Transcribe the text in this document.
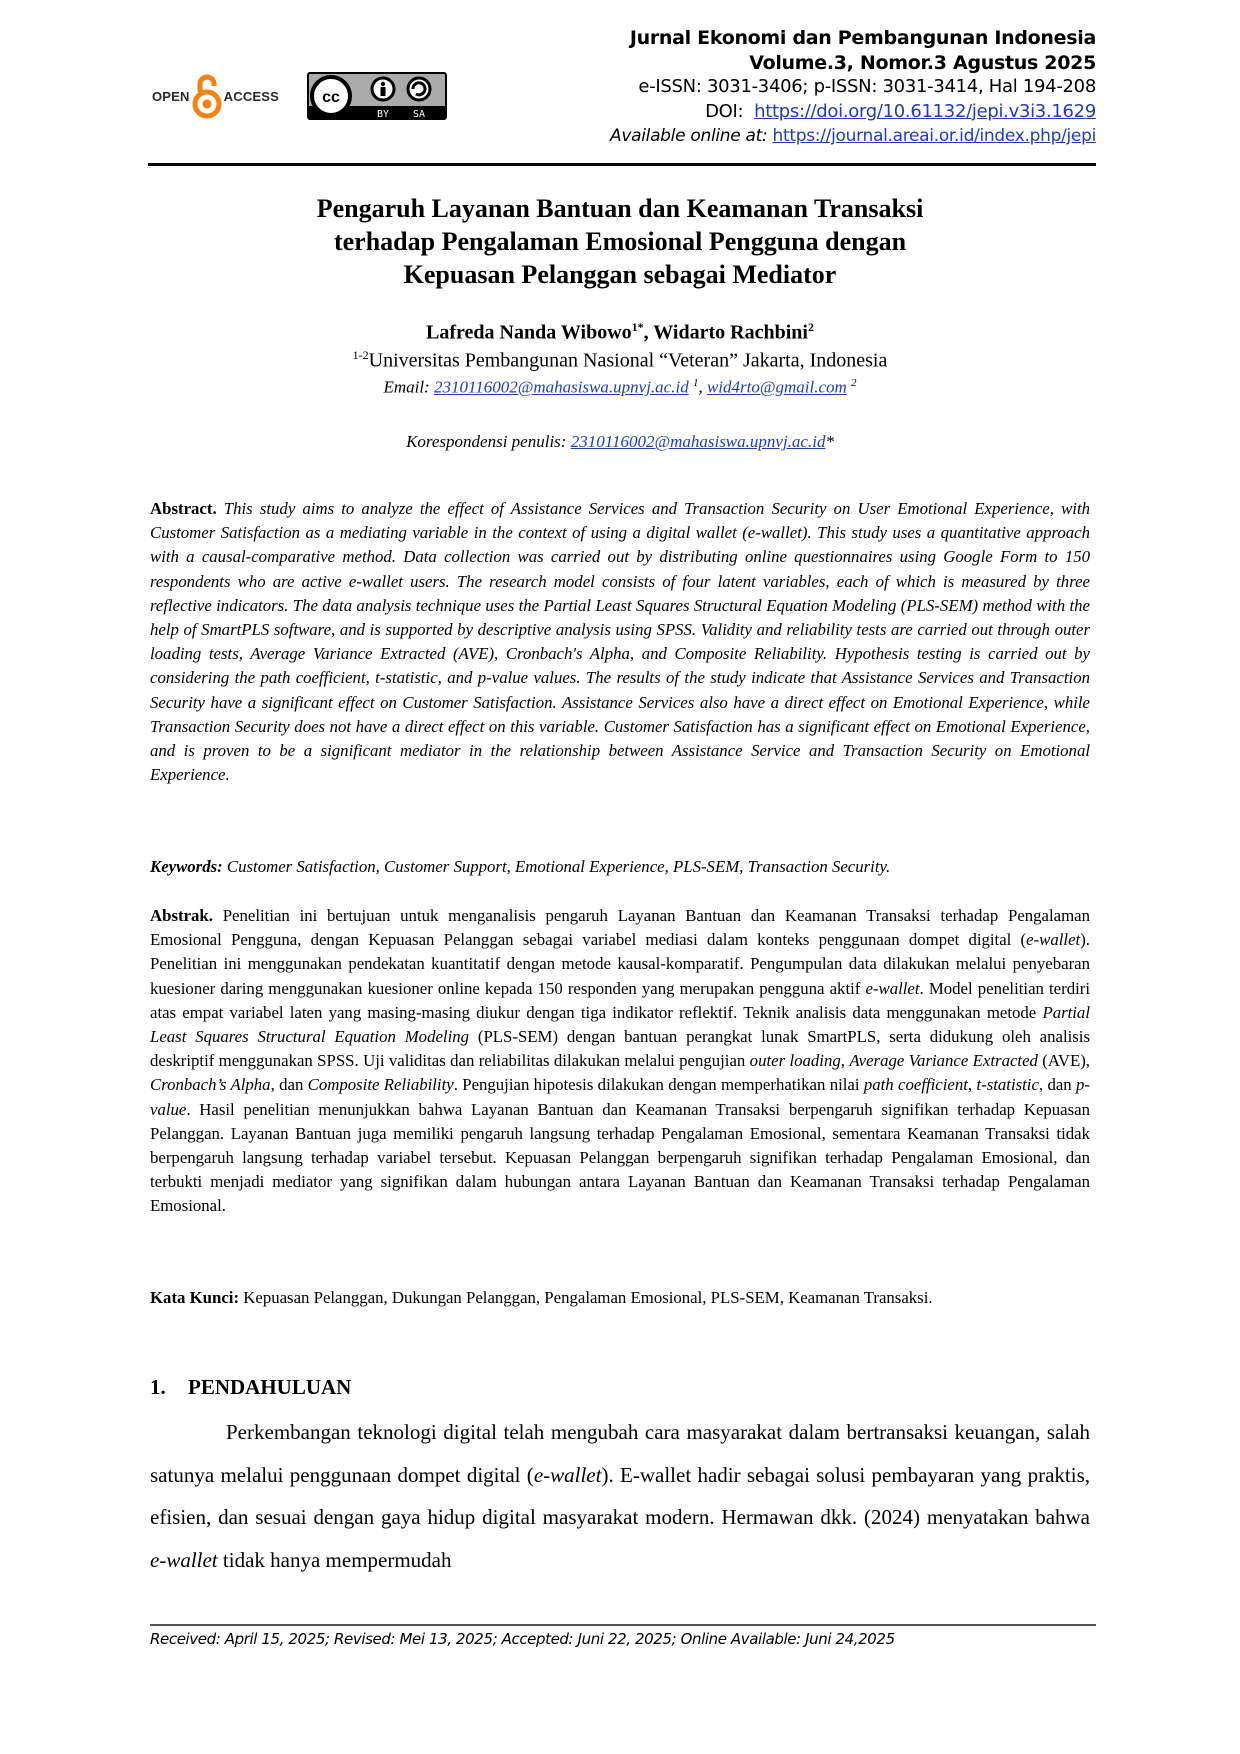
OPEN	ACCESS	cc
BY SA
Jurnal Ekonomi dan Pembangunan Indonesia
Volume.3, Nomor.3 Agustus 2025
e-ISSN: 3031-3406; p-ISSN: 3031-3414, Hal 194-208
DOI: https://doi.org/10.61132/jepi.v3i3.1629
Available online at: https://journal.areai.or.id/index.php/jepi
Pengaruh Layanan Bantuan dan Keamanan Transaksi
terhadap Pengalaman Emosional Pengguna dengan
Kepuasan Pelanggan sebagai Mediator
Lafreda Nanda Wibowo$^{1*}$, Widarto Rachbini$^2$
$^{1-2}$Universitas Pembangunan Nasional “Veteran” Jakarta, Indonesia
Email: 2310116002@mahasiswa.upnvj.ac.id $^1$, wid4rto@gmail.com $^2$
Korespondensi penulis: 2310116002@mahasiswa.upnvj.ac.id*
Abstract. This study aims to analyze the effect of Assistance Services and Transaction Security on User Emotional Experience, with Customer Satisfaction as a mediating variable in the context of using a digital wallet (e-wallet). This study uses a quantitative approach with a causal-comparative method. Data collection was carried out by distributing online questionnaires using Google Form to 150 respondents who are active e-wallet users. The research model consists of four latent variables, each of which is measured by three reflective indicators. The data analysis technique uses the Partial Least Squares Structural Equation Modeling (PLS-SEM) method with the help of SmartPLS software, and is supported by descriptive analysis using SPSS. Validity and reliability tests are carried out through outer loading tests, Average Variance Extracted (AVE), Cronbach's Alpha, and Composite Reliability. Hypothesis testing is carried out by considering the path coefficient, t-statistic, and p-value values. The results of the study indicate that Assistance Services and Transaction Security have a significant effect on Customer Satisfaction. Assistance Services also have a direct effect on Emotional Experience, while Transaction Security does not have a direct effect on this variable. Customer Satisfaction has a significant effect on Emotional Experience, and is proven to be a significant mediator in the relationship between Assistance Service and Transaction Security on Emotional Experience.
Keywords: Customer Satisfaction, Customer Support, Emotional Experience, PLS-SEM, Transaction Security.
Abstrak. Penelitian ini bertujuan untuk menganalisis pengaruh Layanan Bantuan dan Keamanan Transaksi terhadap Pengalaman Emosional Pengguna, dengan Kepuasan Pelanggan sebagai variabel mediasi dalam konteks penggunaan dompet digital (e-wallet). Penelitian ini menggunakan pendekatan kuantitatif dengan metode kausal-komparatif. Pengumpulan data dilakukan melalui penyebaran kuesioner daring menggunakan kuesioner online kepada 150 responden yang merupakan pengguna aktif e-wallet. Model penelitian terdiri atas empat variabel laten yang masing-masing diukur dengan tiga indikator reflektif. Teknik analisis data menggunakan metode Partial Least Squares Structural Equation Modeling (PLS-SEM) dengan bantuan perangkat lunak SmartPLS, serta didukung oleh analisis deskriptif menggunakan SPSS. Uji validitas dan reliabilitas dilakukan melalui pengujian outer loading, Average Variance Extracted (AVE), Cronbach’s Alpha, dan Composite Reliability. Pengujian hipotesis dilakukan dengan memperhatikan nilai path coefficient, t-statistic, dan p-value. Hasil penelitian menunjukkan bahwa Layanan Bantuan dan Keamanan Transaksi berpengaruh signifikan terhadap Kepuasan Pelanggan. Layanan Bantuan juga memiliki pengaruh langsung terhadap Pengalaman Emosional, sementara Keamanan Transaksi tidak berpengaruh langsung terhadap variabel tersebut. Kepuasan Pelanggan berpengaruh signifikan terhadap Pengalaman Emosional, dan terbukti menjadi mediator yang signifikan dalam hubungan antara Layanan Bantuan dan Keamanan Transaksi terhadap Pengalaman Emosional.
Kata Kunci: Kepuasan Pelanggan, Dukungan Pelanggan, Pengalaman Emosional, PLS-SEM, Keamanan Transaksi.
1. PENDAHULUAN
Perkembangan teknologi digital telah mengubah cara masyarakat dalam bertransaksi keuangan, salah satunya melalui penggunaan dompet digital (e-wallet). E-wallet hadir sebagai solusi pembayaran yang praktis, efisien, dan sesuai dengan gaya hidup digital masyarakat modern. Hermawan dkk. (2024) menyatakan bahwa e-wallet tidak hanya mempermudah
Received: April 15, 2025; Revised: Mei 13, 2025; Accepted: Juni 22, 2025; Online Available: Juni 24,2025
